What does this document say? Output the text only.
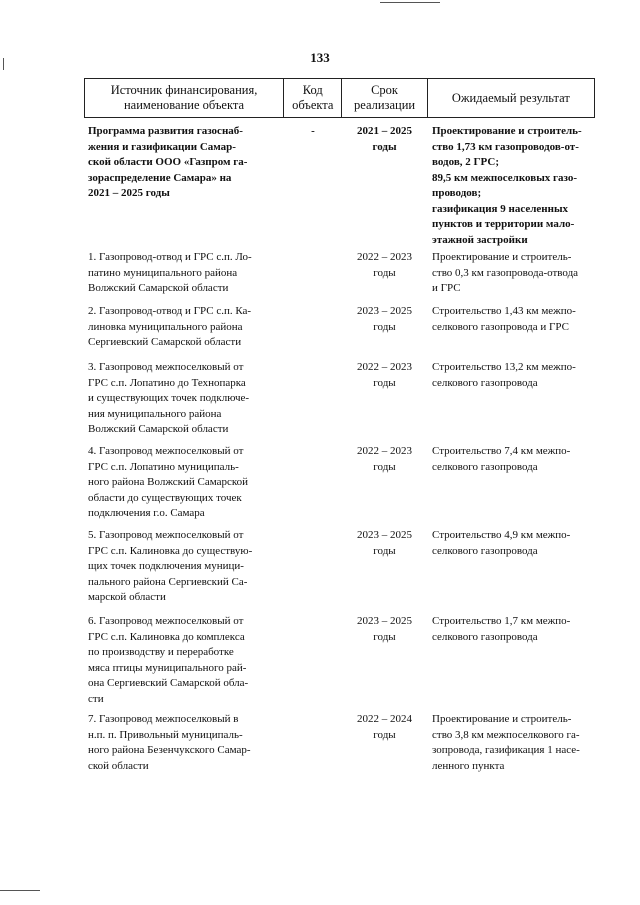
133
Источник финансирования,
наименование объекта
Код
объекта
Срок
реализации
Ожидаемый результат
Программа развития газоснаб-
жения и газификации Самар-
ской области ООО «Газпром га-
зораспределение Самара» на
2021 – 2025 годы
-	2021 – 2025
годы
Проектирование и строитель-
ство 1,73 км газопроводов-от-
водов, 2 ГРС;
89,5 км межпоселковых газо-
проводов;
газификация 9 населенных
пунктов и территории мало-
этажной застройки
1. Газопровод-отвод и ГРС с.п. Ло-
патино муниципального района
Волжский Самарской области
2022 – 2023
годы
Проектирование и строитель-
ство 0,3 км газопровода-отвода
и ГРС
2. Газопровод-отвод и ГРС с.п. Ка-
линовка муниципального района
Сергиевский Самарской области
2023 – 2025
годы
Строительство 1,43 км межпо-
селкового газопровода и ГРС
3. Газопровод межпоселковый от
ГРС с.п. Лопатино до Технопарка
и существующих точек подключе-
ния муниципального района
Волжский Самарской области
2022 – 2023
годы
Строительство 13,2 км межпо-
селкового газопровода
4. Газопровод межпоселковый от
ГРС с.п. Лопатино муниципаль-
ного района Волжский Самарской
области до существующих точек
подключения г.о. Самара
2022 – 2023
годы
Строительство 7,4 км межпо-
селкового газопровода
5. Газопровод межпоселковый от
ГРС с.п. Калиновка до существую-
щих точек подключения муници-
пального района Сергиевский Са-
марской области
2023 – 2025
годы
Строительство 4,9 км межпо-
селкового газопровода
6. Газопровод межпоселковый от
ГРС с.п. Калиновка до комплекса
по производству и переработке
мяса птицы муниципального рай-
она Сергиевский Самарской обла-
сти
2023 – 2025
годы
Строительство 1,7 км межпо-
селкового газопровода
7. Газопровод межпоселковый в
н.п. п. Привольный муниципаль-
ного района Безенчукского Самар-
ской области
2022 – 2024
годы
Проектирование и строитель-
ство 3,8 км межпоселкового га-
зопровода, газификация 1 насе-
ленного пункта
